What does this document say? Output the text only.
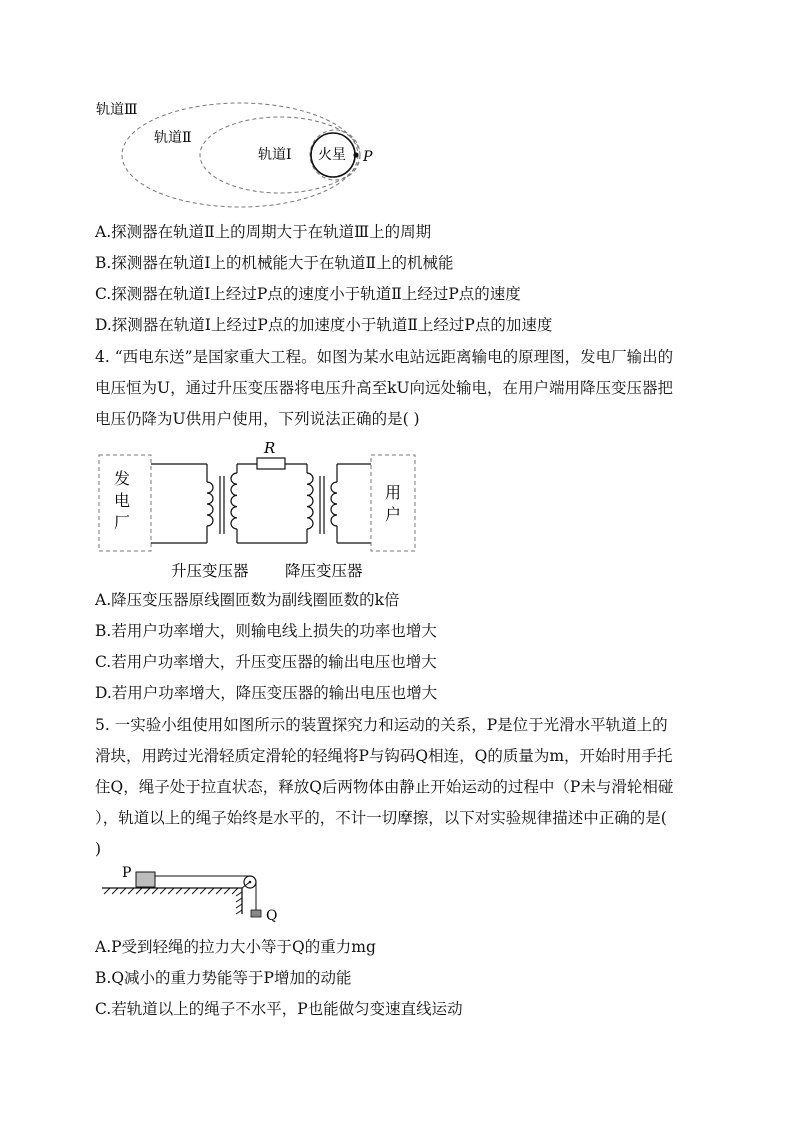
轨道Ⅲ
轨道Ⅱ
轨道Ⅰ 火星 P
A.探测器在轨道Ⅱ上的周期大于在轨道Ⅲ上的周期
B.探测器在轨道Ⅰ上的机械能大于在轨道Ⅱ上的机械能
C.探测器在轨道Ⅰ上经过P点的速度小于轨道Ⅱ上经过P点的速度
D.探测器在轨道Ⅰ上经过P点的加速度小于轨道Ⅱ上经过P点的加速度
4. “西电东送”是国家重大工程。如图为某水电站远距离输电的原理图，发电厂输出的
电压恒为U，通过升压变压器将电压升高至kU向远处输电，在用户端用降压变压器把
电压仍降为U供用户使用，下列说法正确的是( )
发
电
厂
R
用
户
升压变压器 降压变压器
A.降压变压器原线圈匝数为副线圈匝数的k倍
B.若用户功率增大，则输电线上损失的功率也增大
C.若用户功率增大，升压变压器的输出电压也增大
D.若用户功率增大，降压变压器的输出电压也增大
5. 一实验小组使用如图所示的装置探究力和运动的关系，P是位于光滑水平轨道上的
滑块，用跨过光滑轻质定滑轮的轻绳将P与钩码Q相连，Q的质量为m，开始时用手托
住Q，绳子处于拉直状态，释放Q后两物体由静止开始运动的过程中（P未与滑轮相碰
），轨道以上的绳子始终是水平的，不计一切摩擦，以下对实验规律描述中正确的是(
)
P
Q
A.P受到轻绳的拉力大小等于Q的重力mg
B.Q减小的重力势能等于P增加的动能
C.若轨道以上的绳子不水平，P也能做匀变速直线运动
